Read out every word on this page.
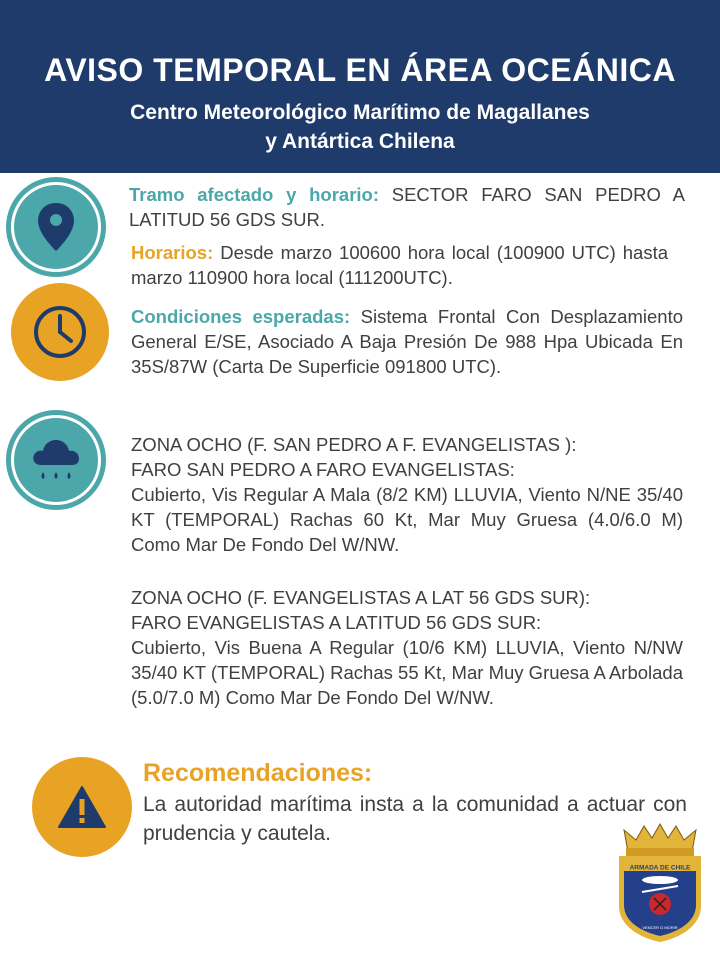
AVISO TEMPORAL EN ÁREA OCEÁNICA
Centro Meteorológico Marítimo de Magallanes
y Antártica Chilena
Tramo afectado y horario: SECTOR FARO SAN PEDRO A LATITUD 56 GDS SUR.
Horarios: Desde marzo 100600 hora local (100900 UTC) hasta marzo 110900 hora local (111200UTC).
Condiciones esperadas: Sistema Frontal Con Desplazamiento General E/SE, Asociado A Baja Presión De 988 Hpa Ubicada En 35S/87W (Carta De Superficie 091800 UTC).
ZONA OCHO (F. SAN PEDRO A F. EVANGELISTAS ):
FARO SAN PEDRO A FARO EVANGELISTAS:
Cubierto, Vis Regular A Mala (8/2 KM) LLUVIA, Viento N/NE 35/40 KT (TEMPORAL) Rachas 60 Kt, Mar Muy Gruesa (4.0/6.0 M) Como Mar De Fondo Del W/NW.
ZONA OCHO (F. EVANGELISTAS A LAT 56 GDS SUR):
FARO EVANGELISTAS A LATITUD 56 GDS SUR:
Cubierto, Vis Buena A Regular (10/6 KM) LLUVIA, Viento N/NW 35/40 KT (TEMPORAL) Rachas 55 Kt, Mar Muy Gruesa A Arbolada (5.0/7.0 M) Como Mar De Fondo Del W/NW.
Recomendaciones:
La autoridad marítima insta a la comunidad a actuar con prudencia y cautela.
ARMADA DE CHILE
VENCER O MORIR
